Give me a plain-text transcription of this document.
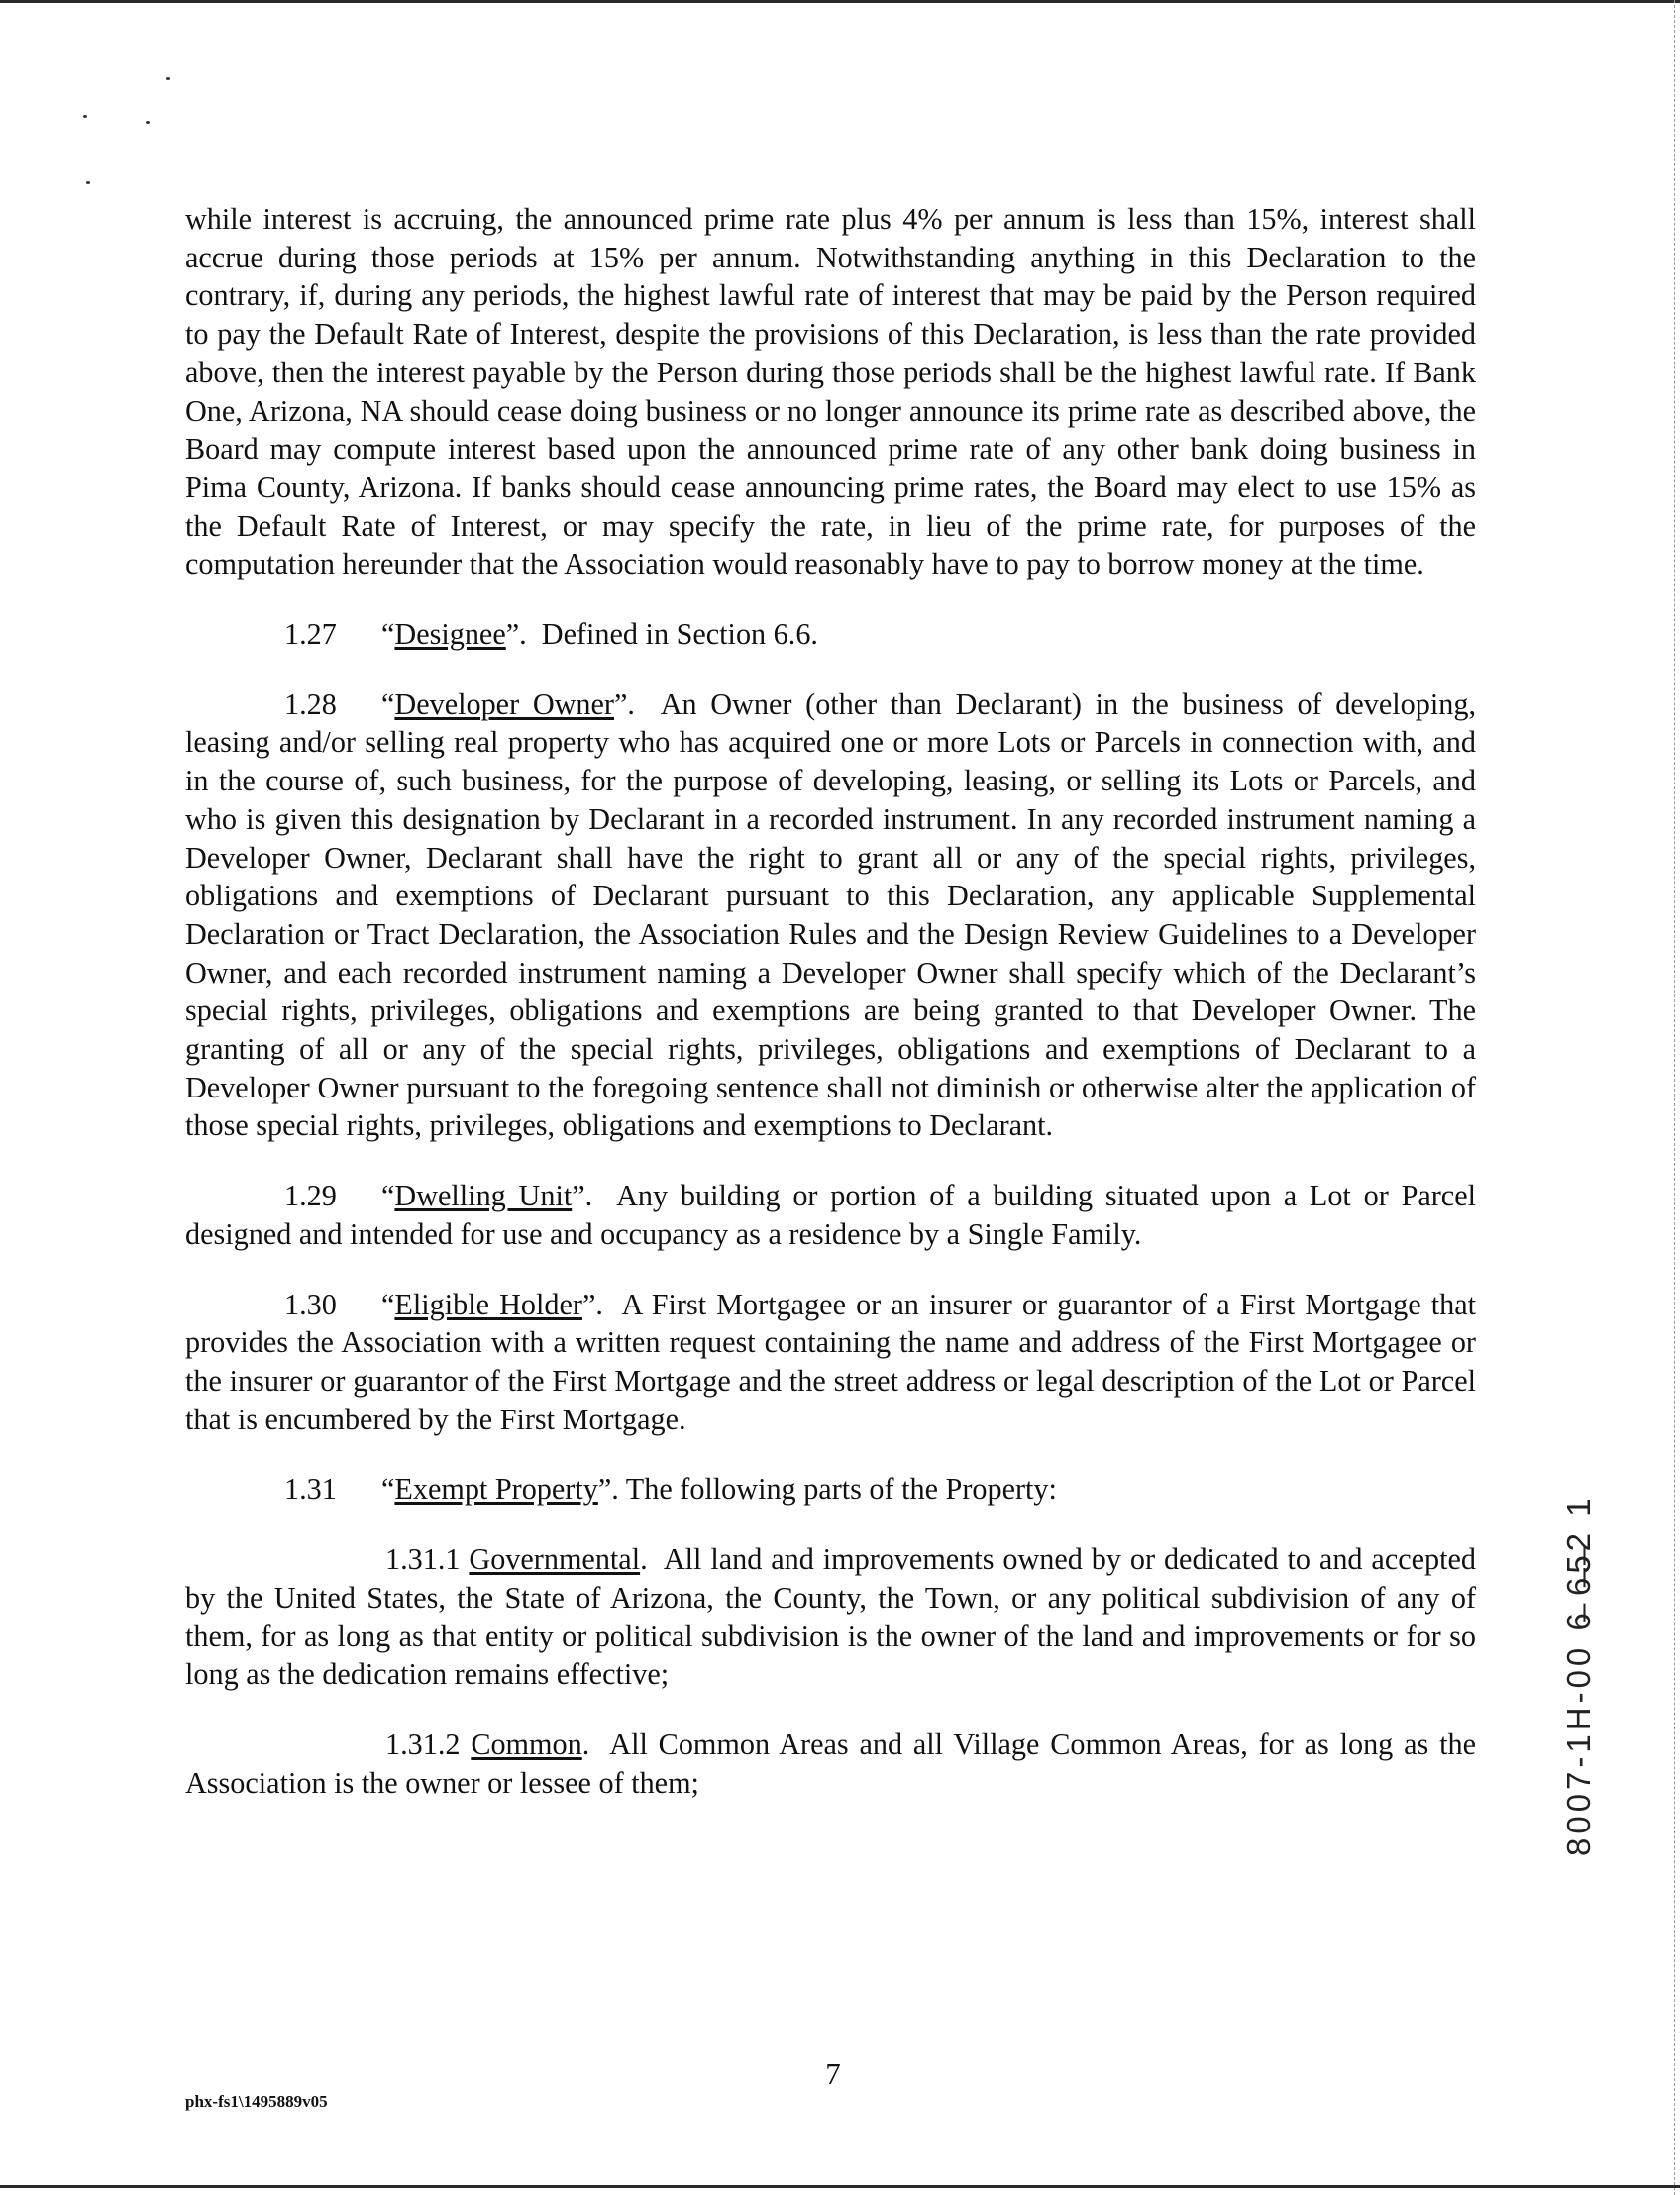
while interest is accruing, the announced prime rate plus 4% per annum is less than 15%, interest shall accrue during those periods at 15% per annum. Notwithstanding anything in this Declaration to the contrary, if, during any periods, the highest lawful rate of interest that may be paid by the Person required to pay the Default Rate of Interest, despite the provisions of this Declaration, is less than the rate provided above, then the interest payable by the Person during those periods shall be the highest lawful rate. If Bank One, Arizona, NA should cease doing business or no longer announce its prime rate as described above, the Board may compute interest based upon the announced prime rate of any other bank doing business in Pima County, Arizona. If banks should cease announcing prime rates, the Board may elect to use 15% as the Default Rate of Interest, or may specify the rate, in lieu of the prime rate, for purposes of the computation hereunder that the Association would reasonably have to pay to borrow money at the time.

1.27 “Designee”. Defined in Section 6.6.

1.28 “Developer Owner”. An Owner (other than Declarant) in the business of developing, leasing and/or selling real property who has acquired one or more Lots or Parcels in connection with, and in the course of, such business, for the purpose of developing, leasing, or selling its Lots or Parcels, and who is given this designation by Declarant in a recorded instrument. In any recorded instrument naming a Developer Owner, Declarant shall have the right to grant all or any of the special rights, privileges, obligations and exemptions of Declarant pursuant to this Declaration, any applicable Supplemental Declaration or Tract Declaration, the Association Rules and the Design Review Guidelines to a Developer Owner, and each recorded instrument naming a Developer Owner shall specify which of the Declarant’s special rights, privileges, obligations and exemptions are being granted to that Developer Owner. The granting of all or any of the special rights, privileges, obligations and exemptions of Declarant to a Developer Owner pursuant to the foregoing sentence shall not diminish or otherwise alter the application of those special rights, privileges, obligations and exemptions to Declarant.

1.29 “Dwelling Unit”. Any building or portion of a building situated upon a Lot or Parcel designed and intended for use and occupancy as a residence by a Single Family.

1.30 “Eligible Holder”. A First Mortgagee or an insurer or guarantor of a First Mortgage that provides the Association with a written request containing the name and address of the First Mortgagee or the insurer or guarantor of the First Mortgage and the street address or legal description of the Lot or Parcel that is encumbered by the First Mortgage.

1.31 “Exempt Property”. The following parts of the Property:

1.31.1 Governmental.  All land and improvements owned by or dedicated to and accepted by the United States, the State of Arizona, the County, the Town, or any political subdivision of any of them, for as long as that entity or political subdivision is the owner of the land and improvements or for so long as the dedication remains effective;

1.31.2 Common.  All Common Areas and all Village Common Areas, for as long as the Association is the owner or lessee of them;	8007-1H-00 6̶ 6̶5̶2 1
7
phx-fs1\1495889v05
